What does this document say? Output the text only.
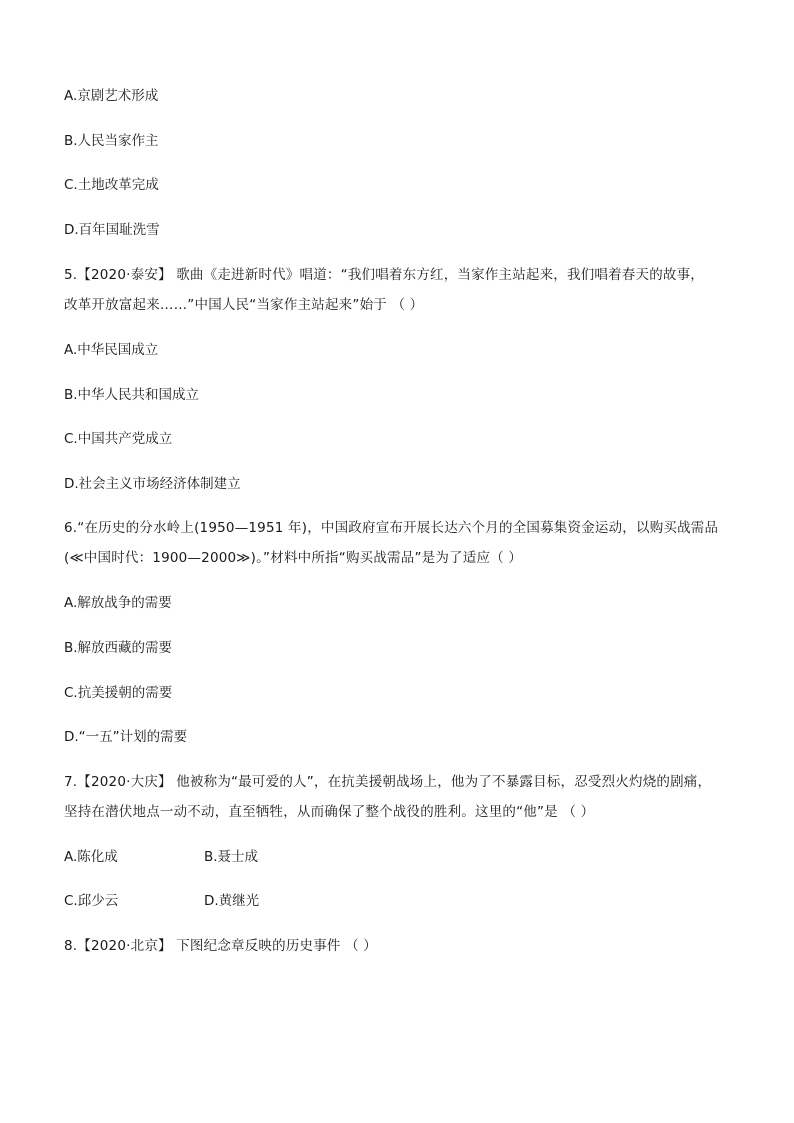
A.京剧艺术形成
B.人民当家作主
C.土地改革完成
D.百年国耻洗雪
5.【2020·泰安】 歌曲《走进新时代》唱道：“我们唱着东方红，当家作主站起来，我们唱着春天的故事，
改革开放富起来……”中国人民“当家作主站起来”始于 （ ）
A.中华民国成立
B.中华人民共和国成立
C.中国共产党成立
D.社会主义市场经济体制建立
6.“在历史的分水岭上(1950—1951 年)，中国政府宣布开展长达六个月的全国募集资金运动，以购买战需品
(≪中国时代：1900—2000≫)。”材料中所指“购买战需品”是为了适应（ ）
A.解放战争的需要
B.解放西藏的需要
C.抗美援朝的需要
D.“一五”计划的需要
7.【2020·大庆】 他被称为“最可爱的人”，在抗美援朝战场上，他为了不暴露目标，忍受烈火灼烧的剧痛，
坚持在潜伏地点一动不动，直至牺牲，从而确保了整个战役的胜利。这里的“他”是 （ ）
A.陈化成	B.聂士成
C.邱少云	D.黄继光
8.【2020·北京】 下图纪念章反映的历史事件 （ ）
